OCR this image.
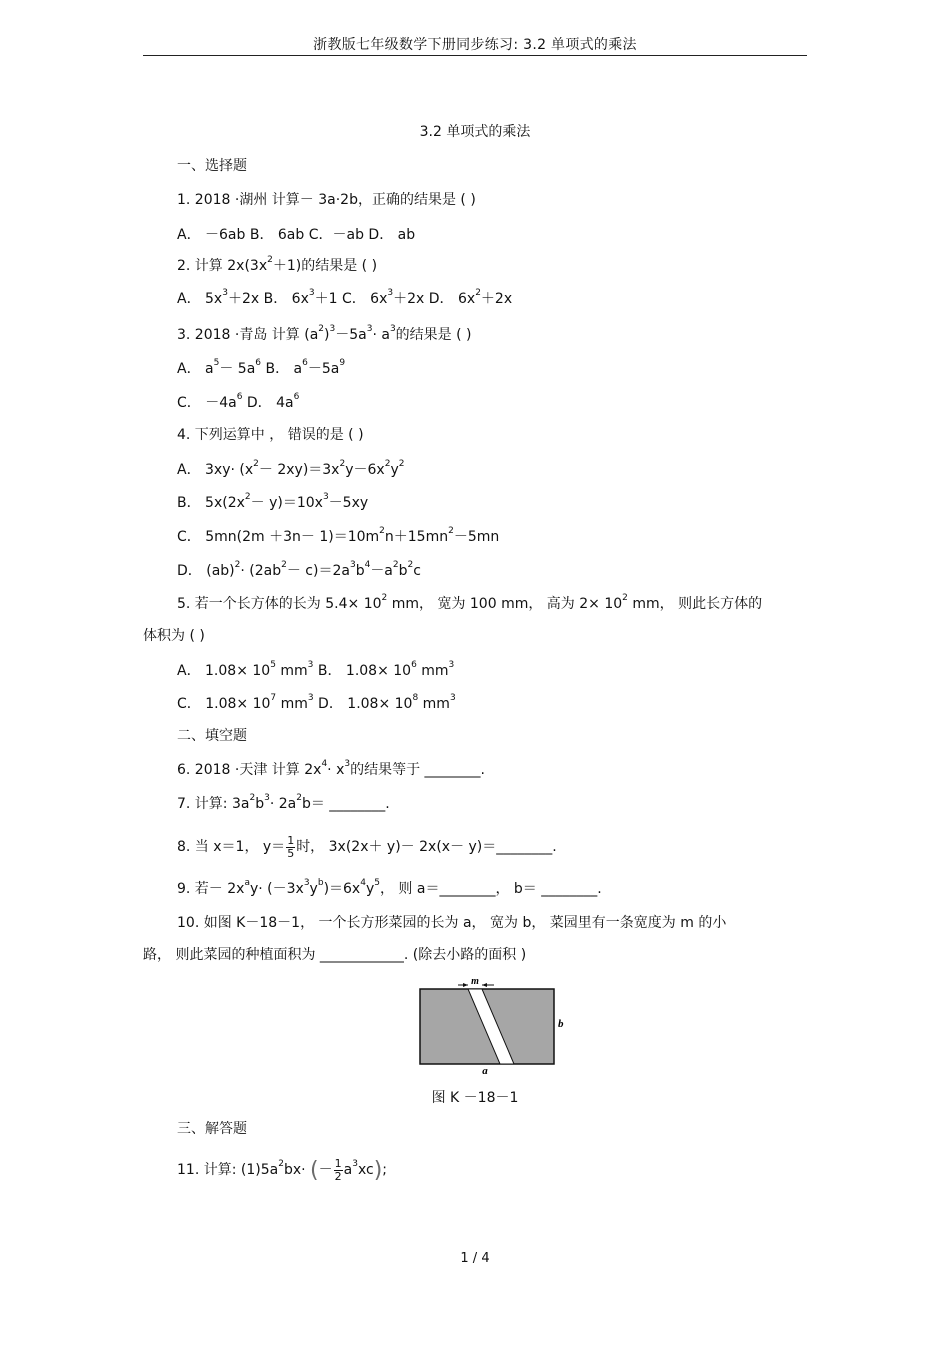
浙教版七年级数学下册同步练习: 3.2 单项式的乘法
3.2 单项式的乘法
一、选择题
1. 2018 ·湖州 计算－ 3a·2b，正确的结果是 ( )
A． －6ab B． 6ab C．－ab D． ab
2. 计算 $2x(3x^2+1)$的结果是 ( )
A． $5x^3+2x$ B． $6x^3+1$ C． $6x^3+2x$ D． $6x^2+2x$
3. 2018 ·青岛 计算 $(a^2)^3-5a^3\cdot a^3$的结果是 ( )
A． $a^5- 5a^6$ B． $a^6-5a^9$
C． $-4a^6$ D． $4a^6$
4. 下列运算中 ， 错误的是 ( )
A． $3xy\cdot (x^2- 2xy)=3x^2y-6x^2y^2$
B． $5x(2x^2- y)=10x^3-5xy$
C． $5mn(2m +3n- 1)=10m^2n+15mn^2-5mn$
D． $(ab)^2\cdot (2ab^2- c)=2a^3b^4-a^2b^2c$
5. 若一个长方体的长为 $5.4\times 10^2$ mm， 宽为 100 mm， 高为 $2\times 10^2$ mm， 则此长方体的
体积为 ( )
A． $1.08\times 10^5$ $mm^3$ B． $1.08\times 10^6$ $mm^3$
C． $1.08\times 10^7$ $mm^3$ D． $1.08\times 10^8$ $mm^3$
二、填空题
6. 2018 ·天津 计算 $2x^4\cdot x^3$的结果等于 ________.
7. 计算: $3a^2b^3\cdot 2a^2b=$ ________.
8. 当 x＝1， $y= \frac{1}{5}$ 时， 3x(2x＋ y)－ 2x(x－ y)＝________.
9. 若－ $2x^ay\cdot (-3x^3y^b)=6x^4y^5$， 则 a＝________， b＝ ________.
10. 如图 K－18－1， 一个长方形菜园的长为 a， 宽为 b， 菜园里有一条宽度为 m 的小
路， 则此菜园的种植面积为 ____________. (除去小路的面积 )
m
b
a
图 K －18－1
三、解答题
11. 计算: $(1)5a^2bx\cdot$ (－ $\frac{1}{2} a^3xc$);
1 / 4
